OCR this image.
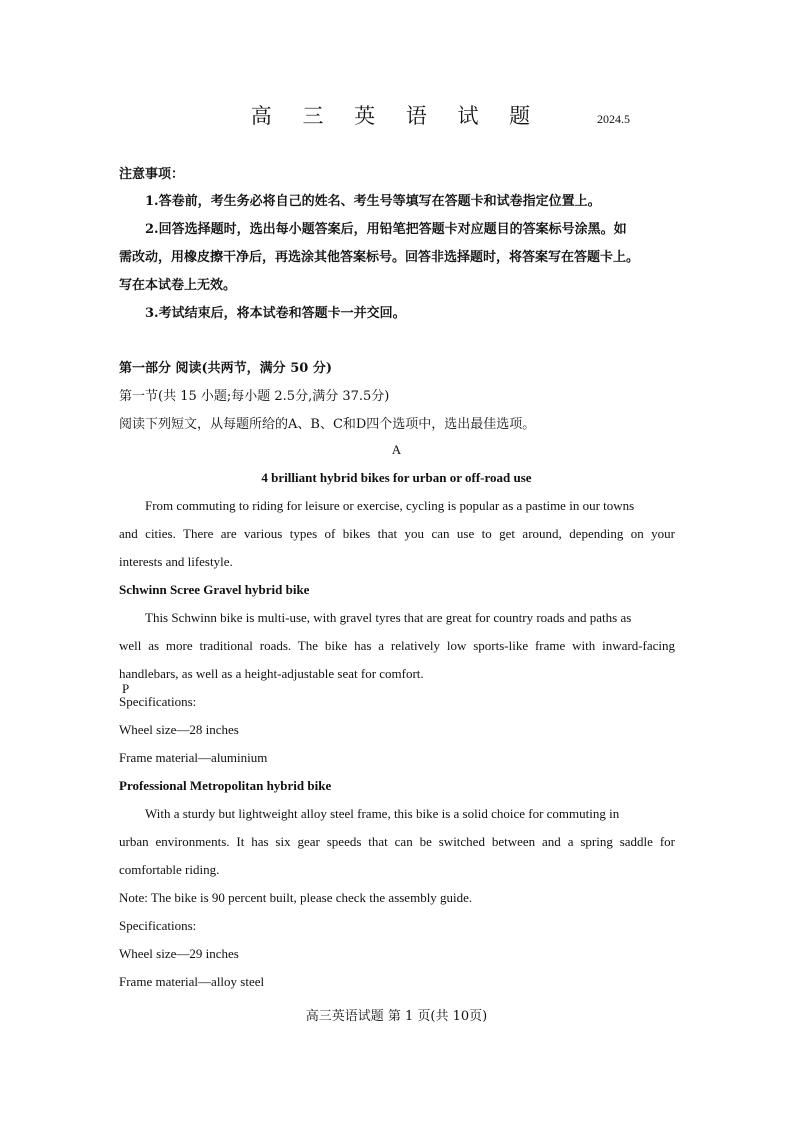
高 三 英 语 试 题	2024.5
注意事项：
1.答卷前，考生务必将自己的姓名、考生号等填写在答题卡和试卷指定位置上。
2.回答选择题时，选出每小题答案后，用铅笔把答题卡对应题目的答案标号涂黑。如
需改动，用橡皮擦干净后，再选涂其他答案标号。回答非选择题时，将答案写在答题卡上。
写在本试卷上无效。
3.考试结束后，将本试卷和答题卡一并交回。
第一部分 阅读(共两节，满分 50 分)
第一节(共 15 小题;每小题 2.5分,满分 37.5分)
阅读下列短文，从每题所给的A、B、C和D四个选项中，选出最佳选项。
A
4 brilliant hybrid bikes for urban or off-road use
From commuting to riding for leisure or exercise, cycling is popular as a pastime in our towns
and cities. There are various types of bikes that you can use to get around, depending on your
interests and lifestyle.
Schwinn Scree Gravel hybrid bike
This Schwinn bike is multi-use, with gravel tyres that are great for country roads and paths as
well as more traditional roads. The bike has a relatively low sports-like frame with inward-facing
handlebars, as well as a height-adjustable seat for comfort.
P
Specifications:
Wheel size—28 inches
Frame material—aluminium
Professional Metropolitan hybrid bike
With a sturdy but lightweight alloy steel frame, this bike is a solid choice for commuting in
urban environments. It has six gear speeds that can be switched between and a spring saddle for
comfortable riding.
Note: The bike is 90 percent built, please check the assembly guide.
Specifications:
Wheel size—29 inches
Frame material—alloy steel
高三英语试题 第 1 页(共 10页)
